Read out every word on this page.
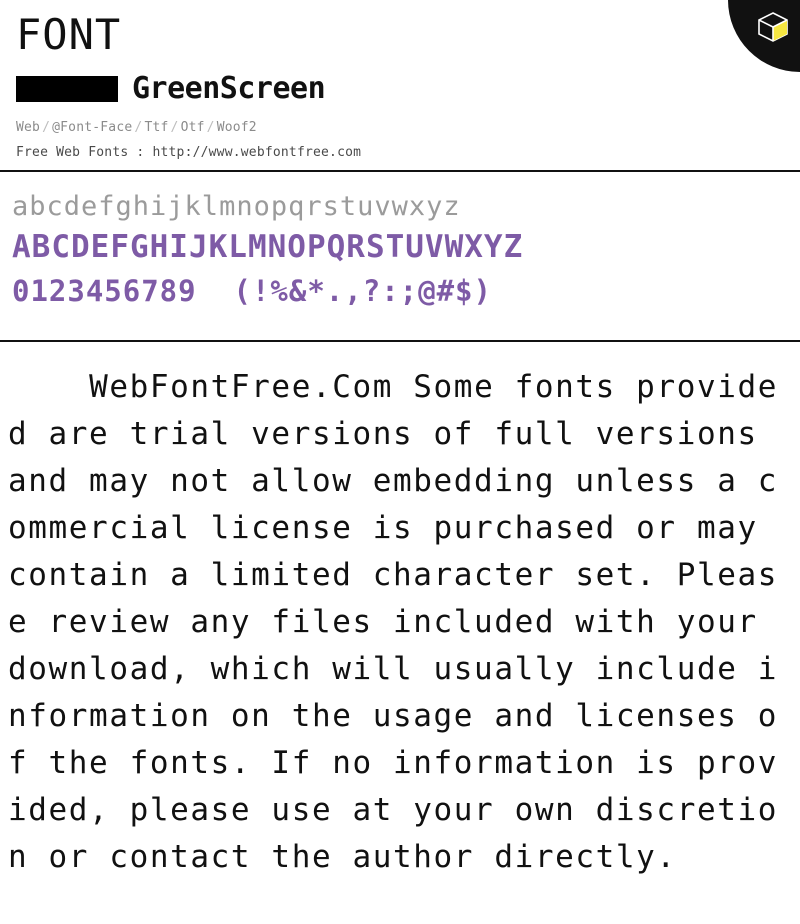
FONT
GreenScreen
Web / @Font-Face / Ttf / Otf / Woof2
Free Web Fonts : http://www.webfontfree.com
abcdefghijklmnopqrstuvwxyz
ABCDEFGHIJKLMNOPQRSTUVWXYZ
0123456789  (!%&*.,?:;@#$)
WebFontFree.Com Some fonts provided are trial versions of full versions and may not allow embedding unless a commercial license is purchased or may contain a limited character set. Please review any files included with your download, which will usually include information on the usage and licenses of the fonts. If no information is provided, please use at your own discretion or contact the author directly.
